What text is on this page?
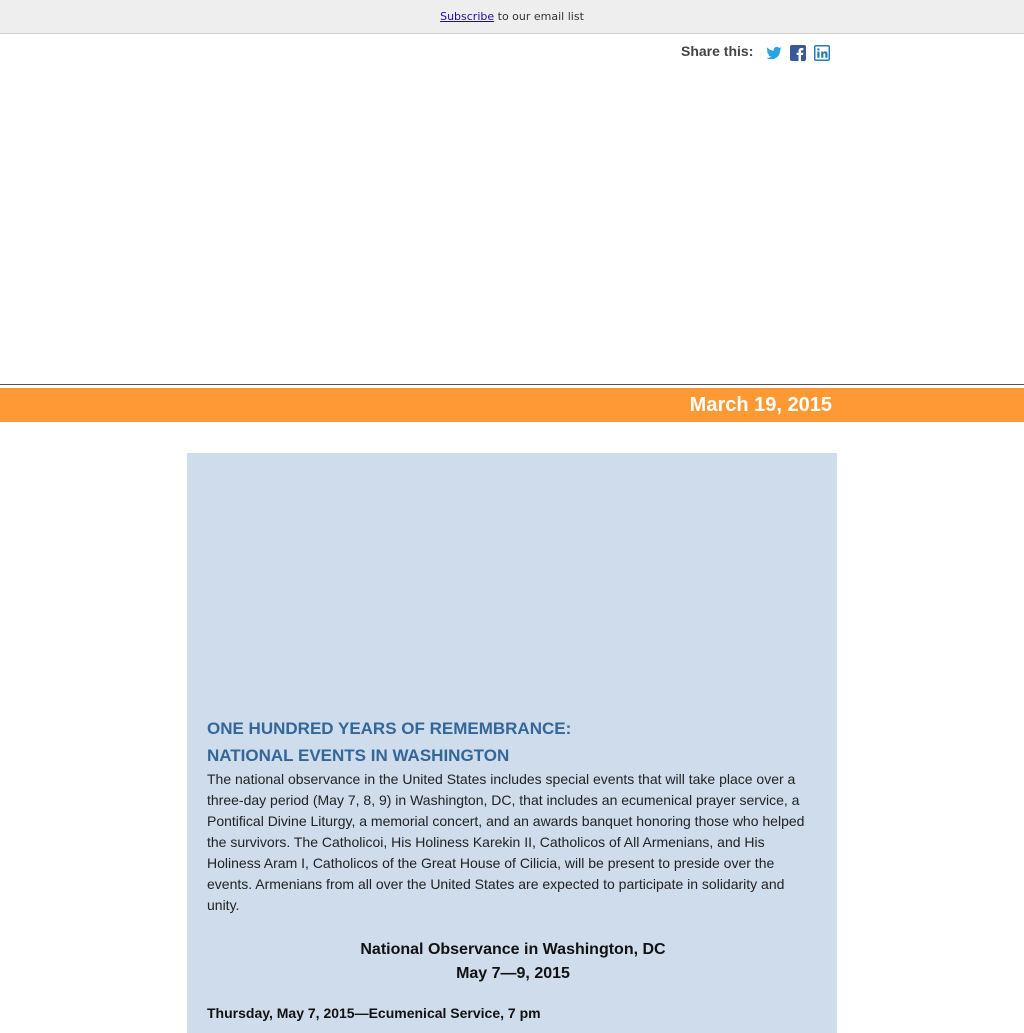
Subscribe to our email list
Share this:
March 19, 2015

ONE HUNDRED YEARS OF REMEMBRANCE:

NATIONAL EVENTS IN WASHINGTON

The national observance in the United States includes special events that will take place over a three-day period (May 7, 8, 9) in Washington, DC, that includes an ecumenical prayer service, a Pontifical Divine Liturgy, a memorial concert, and an awards banquet honoring those who helped the survivors. The Catholicoi, His Holiness Karekin II, Catholicos of All Armenians, and His Holiness Aram I, Catholicos of the Great House of Cilicia, will be present to preside over the events. Armenians from all over the United States are expected to participate in solidarity and unity.

National Observance in Washington, DC
May 7—9, 2015
Thursday, May 7, 2015—Ecumenical Service, 7 pm
